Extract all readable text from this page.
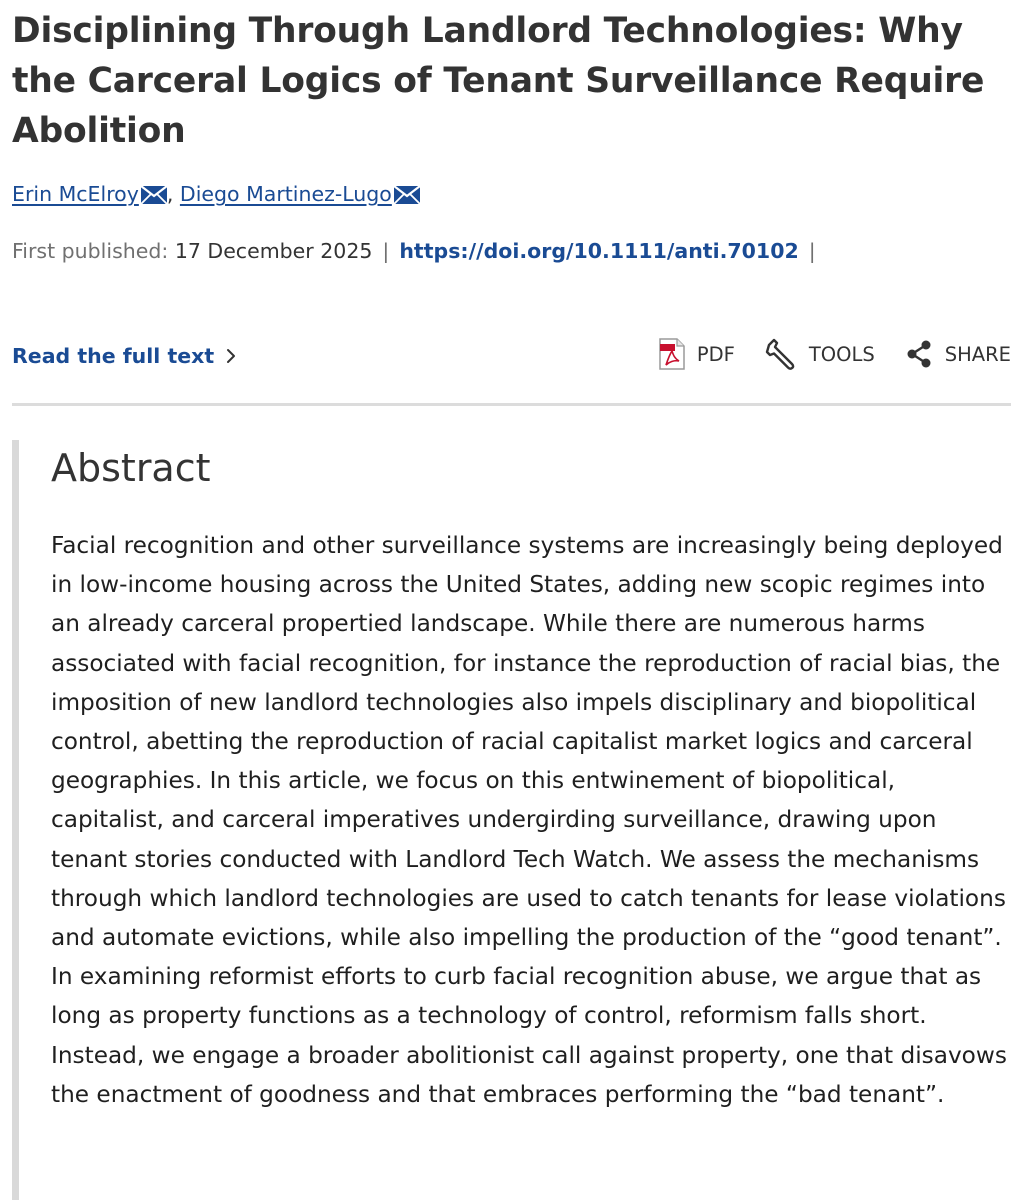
Disciplining Through Landlord Technologies: Why the Carceral Logics of Tenant Surveillance Require Abolition
Erin McElroy , Diego Martinez-Lugo
First published: 17 December 2025 | https://doi.org/10.1111/anti.70102 |
Read the full text	PDF	TOOLS	SHARE
Abstract

Facial recognition and other surveillance systems are increasingly being deployed in low-income housing across the United States, adding new scopic regimes into an already carceral propertied landscape. While there are numerous harms associated with facial recognition, for instance the reproduction of racial bias, the imposition of new landlord technologies also impels disciplinary and biopolitical control, abetting the reproduction of racial capitalist market logics and carceral geographies. In this article, we focus on this entwinement of biopolitical, capitalist, and carceral imperatives undergirding surveillance, drawing upon tenant stories conducted with Landlord Tech Watch. We assess the mechanisms through which landlord technologies are used to catch tenants for lease violations and automate evictions, while also impelling the production of the “good tenant”. In examining reformist efforts to curb facial recognition abuse, we argue that as long as property functions as a technology of control, reformism falls short. Instead, we engage a broader abolitionist call against property, one that disavows the enactment of goodness and that embraces performing the “bad tenant”.
